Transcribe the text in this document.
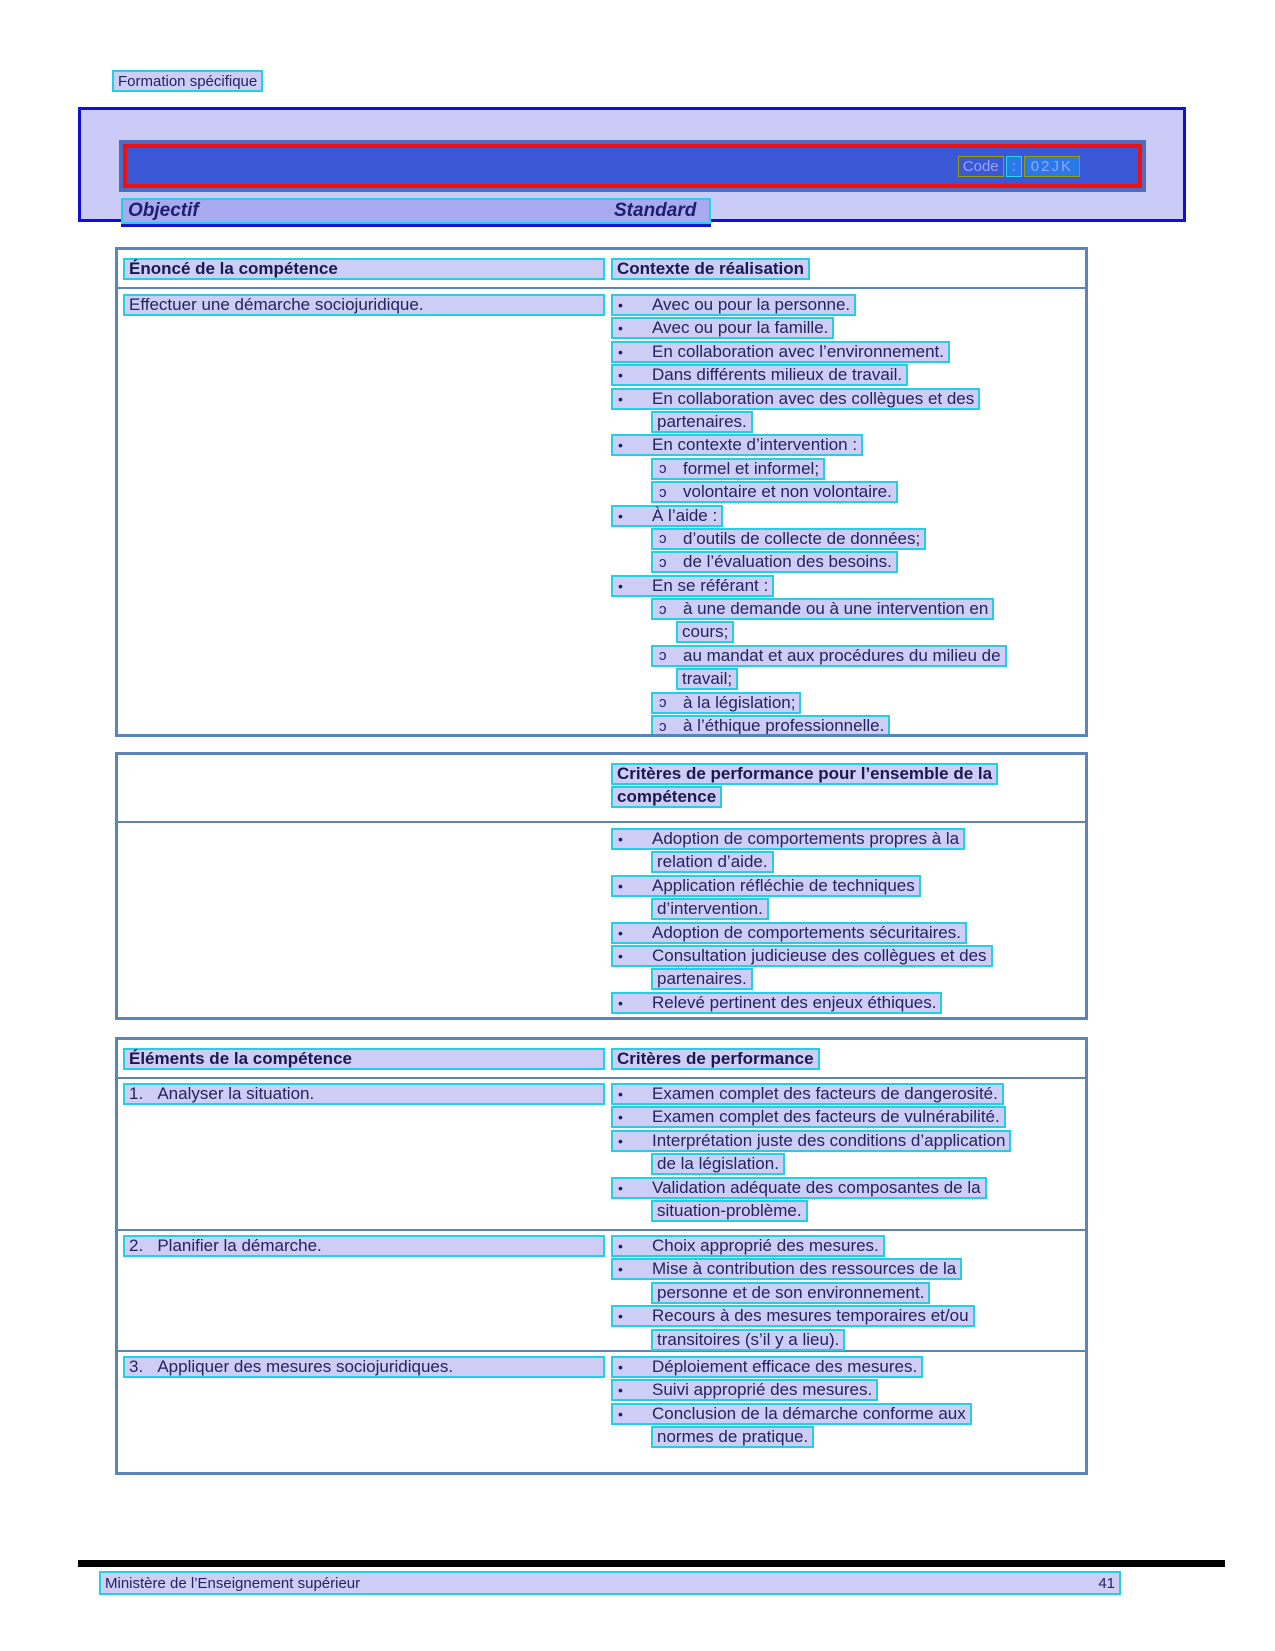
Formation spécifique
Code :	02JK
Objectif	Standard
Énoncé de la compétence	Contexte de réalisation
Effectuer une démarche sociojuridique.	•	Avec ou pour la personne.
•	Avec ou pour la famille.
•	En collaboration avec l’environnement.
•	Dans différents milieux de travail.
•	En collaboration avec des collègues et des
partenaires.
•	En contexte d’intervention :
ɔ formel et informel;
ɔ volontaire et non volontaire.
•	À l’aide :
ɔ d’outils de collecte de données;
ɔ de l’évaluation des besoins.
•	En se référant :
ɔ à une demande ou à une intervention en
cours;
ɔ au mandat et aux procédures du milieu de
travail;
ɔ à la législation;
ɔ à l’éthique professionnelle.
Critères de performance pour l’ensemble de la
compétence
•	Adoption de comportements propres à la
relation d’aide.
•	Application réfléchie de techniques
d’intervention.
•	Adoption de comportements sécuritaires.
•	Consultation judicieuse des collègues et des
partenaires.
•	Relevé pertinent des enjeux éthiques.
Éléments de la compétence	Critères de performance
1.   Analyser la situation.	•	Examen complet des facteurs de dangerosité.
•	Examen complet des facteurs de vulnérabilité.
•	Interprétation juste des conditions d’application
de la législation.
•	Validation adéquate des composantes de la
situation-problème.
2.   Planifier la démarche.	•	Choix approprié des mesures.
•	Mise à contribution des ressources de la
personne et de son environnement.
•	Recours à des mesures temporaires et/ou
transitoires (s’il y a lieu).
3.   Appliquer des mesures sociojuridiques.	•	Déploiement efficace des mesures.
•	Suivi approprié des mesures.
•	Conclusion de la démarche conforme aux
normes de pratique.
Ministère de l’Enseignement supérieur	41
